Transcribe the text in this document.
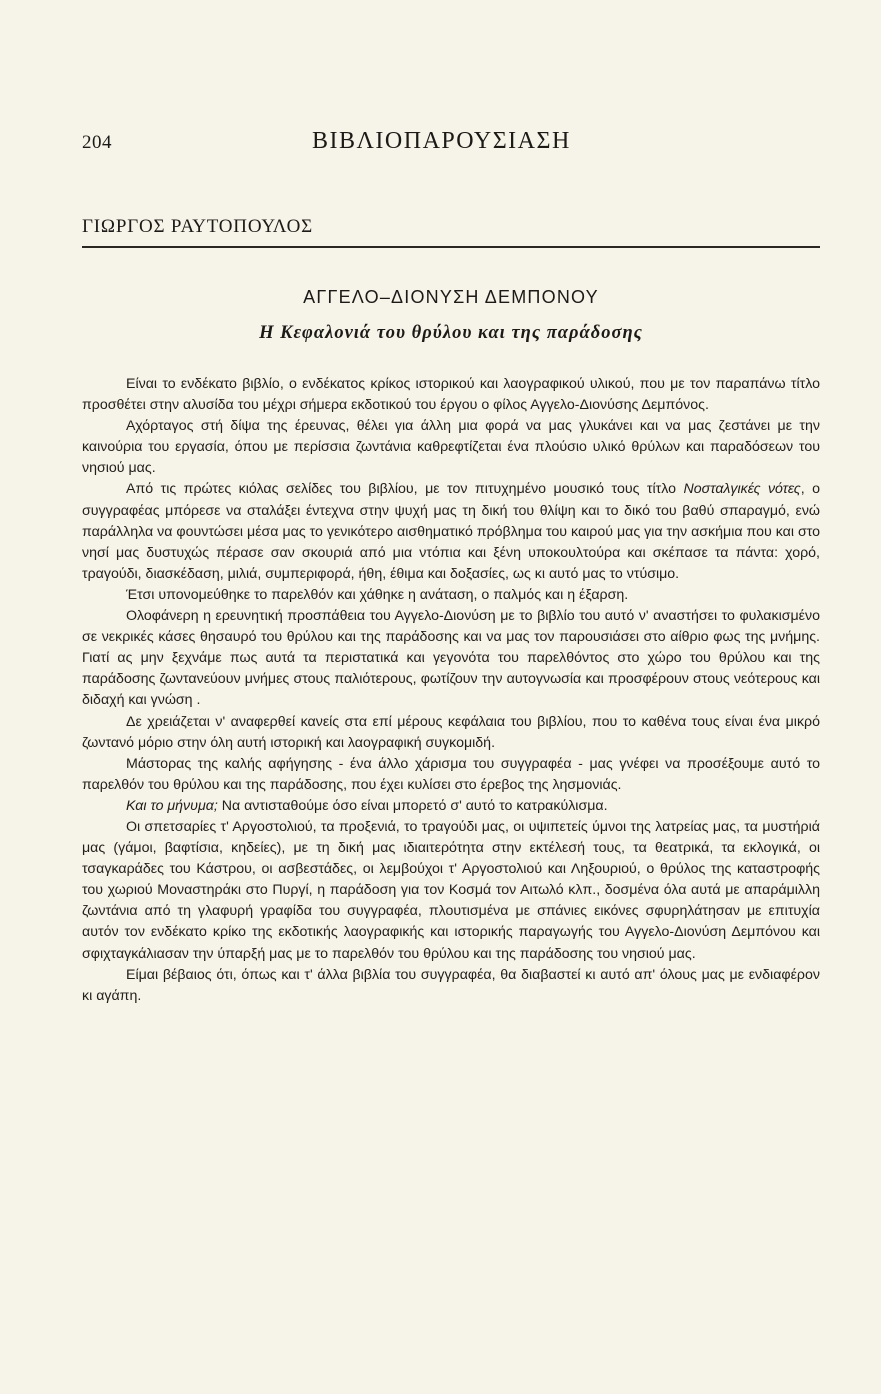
204	ΒΙΒΛΙΟΠΑΡΟΥΣΙΑΣΗ
ΓΙΩΡΓΟΣ ΡΑΥΤΟΠΟΥΛΟΣ
ΑΓΓΕΛΟ–ΔΙΟΝΥΣΗ ΔΕΜΠΟΝΟΥ
Η Κεφαλονιά του θρύλου και της παράδοσης

Είναι το ενδέκατο βιβλίο, ο ενδέκατος κρίκος ιστορικού και λαογραφικού υλικού, που με τον παραπάνω τίτλο προσθέτει στην αλυσίδα του μέχρι σήμερα εκδοτικού του έργου ο φίλος Αγγελο-Διονύσης Δεμπόνος.

Αχόρταγος στή δίψα της έρευνας, θέλει για άλλη μια φορά να μας γλυκάνει και να μας ζεστάνει με την καινούρια του εργασία, όπου με περίσσια ζωντάνια καθρεφτίζεται ένα πλούσιο υλικό θρύλων και παραδόσεων του νησιού μας.

Από τις πρώτες κιόλας σελίδες του βιβλίου, με τον πιτυχημένο μουσικό τους τίτλο Νοσταλγικές νότες, ο συγγραφέας μπόρεσε να σταλάξει έντεχνα στην ψυχή μας τη δική του θλίψη και το δικό του βαθύ σπαραγμό, ενώ παράλληλα να φουντώσει μέσα μας το γενικότερο αισθηματικό πρόβλημα του καιρού μας για την ασκήμια που και στο νησί μας δυστυχώς πέρασε σαν σκουριά από μια ντόπια και ξένη υποκουλτούρα και σκέπασε τα πάντα: χορό, τραγούδι, διασκέδαση, μιλιά, συμπεριφορά, ήθη, έθιμα και δοξασίες, ως κι αυτό μας το ντύσιμο.

Έτσι υπονομεύθηκε το παρελθόν και χάθηκε η ανάταση, ο παλμός και η έξαρση.

Ολοφάνερη η ερευνητική προσπάθεια του Αγγελο-Διονύση με το βιβλίο του αυτό ν' αναστήσει το φυλακισμένο σε νεκρικές κάσες θησαυρό του θρύλου και της παράδοσης και να μας τον παρουσιάσει στο αίθριο φως της μνήμης. Γιατί ας μην ξεχνάμε πως αυτά τα περιστατικά και γεγονότα του παρελθόντος στο χώρο του θρύλου και της παράδοσης ζωντανεύουν μνήμες στους παλιότερους, φωτίζουν την αυτογνωσία και προσφέρουν στους νεότερους και διδαχή και γνώση .

Δε χρειάζεται ν' αναφερθεί κανείς στα επί μέρους κεφάλαια του βιβλίου, που το καθένα τους είναι ένα μικρό ζωντανό μόριο στην όλη αυτή ιστορική και λαογραφική συγκομιδή.

Μάστορας της καλής αφήγησης - ένα άλλο χάρισμα του συγγραφέα - μας γνέφει να προσέξουμε αυτό το παρελθόν του θρύλου και της παράδοσης, που έχει κυλίσει στο έρεβος της λησμονιάς.

Και το μήνυμα; Να αντισταθούμε όσο είναι μπορετό σ' αυτό το κατρακύλισμα.

Οι σπετσαρίες τ' Αργοστολιού, τα προξενιά, το τραγούδι μας, οι υψιπετείς ύμνοι της λατρείας μας, τα μυστήριά μας (γάμοι, βαφτίσια, κηδείες), με τη δική μας ιδιαιτερότητα στην εκτέλεσή τους, τα θεατρικά, τα εκλογικά, οι τσαγκαράδες του Κάστρου, οι ασβεστάδες, οι λεμβούχοι τ' Αργοστολιού και Ληξουριού, ο θρύλος της καταστροφής του χωριού Μοναστηράκι στο Πυργί, η παράδοση για τον Κοσμά τον Αιτωλό κλπ., δοσμένα όλα αυτά με απαράμιλλη ζωντάνια από τη γλαφυρή γραφίδα του συγγραφέα, πλουτισμένα με σπάνιες εικόνες σφυρηλάτησαν με επιτυχία αυτόν τον ενδέκατο κρίκο της εκδοτικής λαογραφικής και ιστορικής παραγωγής του Αγγελο-Διονύση Δεμπόνου και σφιχταγκάλιασαν την ύπαρξή μας με το παρελθόν του θρύλου και της παράδοσης του νησιού μας.

Είμαι βέβαιος ότι, όπως και τ' άλλα βιβλία του συγγραφέα, θα διαβαστεί κι αυτό απ' όλους μας με ενδιαφέρον κι αγάπη.
